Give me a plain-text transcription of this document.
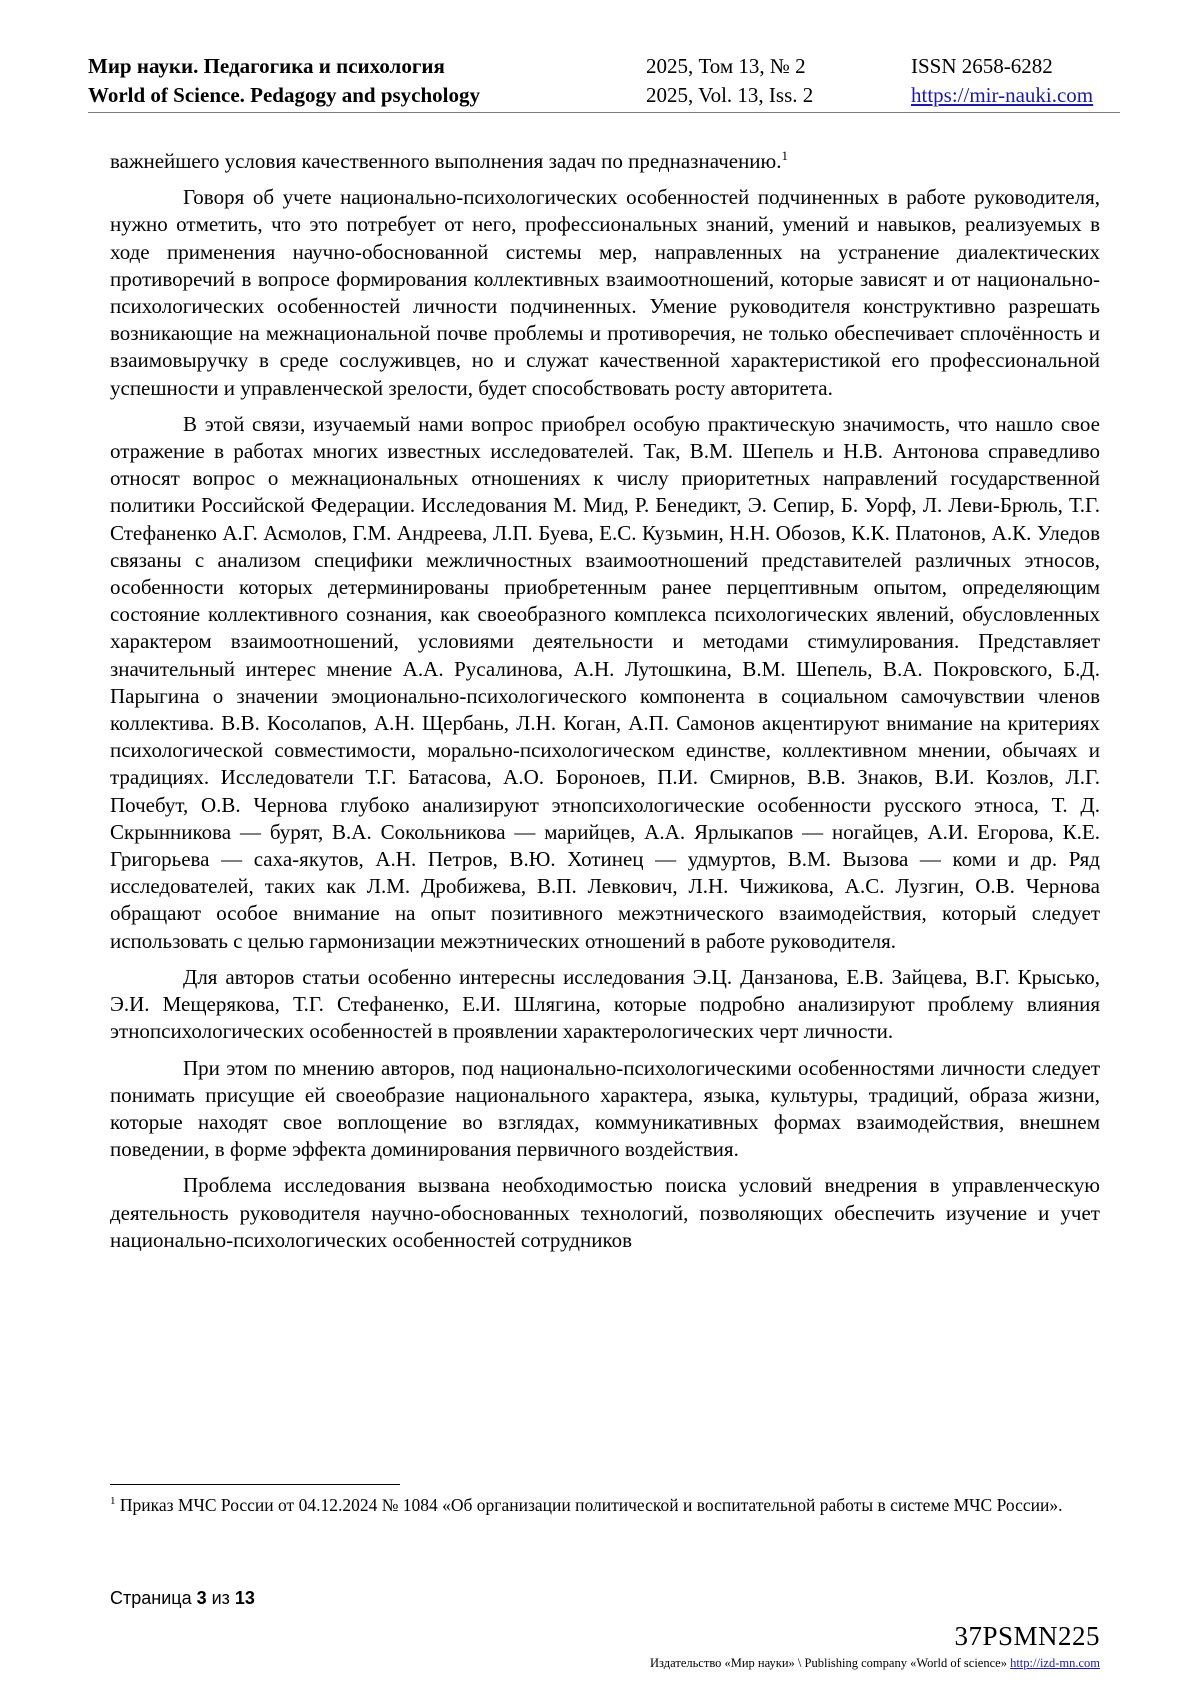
Мир науки. Педагогика и психология
World of Science. Pedagogy and psychology
2025, Том 13, № 2
2025, Vol. 13, Iss. 2
ISSN 2658-6282
https://mir-nauki.com

важнейшего условия качественного выполнения задач по предназначению.$^1$

Говоря об учете национально-психологических особенностей подчиненных в работе руководителя, нужно отметить, что это потребует от него, профессиональных знаний, умений и навыков, реализуемых в ходе применения научно-обоснованной системы мер, направленных на устранение диалектических противоречий в вопросе формирования коллективных взаимоотношений, которые зависят и от национально-психологических особенностей личности подчиненных. Умение руководителя конструктивно разрешать возникающие на межнациональной почве проблемы и противоречия, не только обеспечивает сплочённость и взаимовыручку в среде сослуживцев, но и служат качественной характеристикой его профессиональной успешности и управленческой зрелости, будет способствовать росту авторитета.

В этой связи, изучаемый нами вопрос приобрел особую практическую значимость, что нашло свое отражение в работах многих известных исследователей. Так, В.М. Шепель и Н.В. Антонова справедливо относят вопрос о межнациональных отношениях к числу приоритетных направлений государственной политики Российской Федерации. Исследования М. Мид, Р. Бенедикт, Э. Сепир, Б. Уорф, Л. Леви-Брюль, Т.Г. Стефаненко А.Г. Асмолов, Г.М. Андреева, Л.П. Буева, Е.С. Кузьмин, Н.Н. Обозов, К.К. Платонов, А.К. Уледов связаны с анализом специфики межличностных взаимоотношений представителей различных этносов, особенности которых детерминированы приобретенным ранее перцептивным опытом, определяющим состояние коллективного сознания, как своеобразного комплекса психологических явлений, обусловленных характером взаимоотношений, условиями деятельности и методами стимулирования. Представляет значительный интерес мнение А.А. Русалинова, А.Н. Лутошкина, В.М. Шепель, В.А. Покровского, Б.Д. Парыгина о значении эмоционально-психологического компонента в социальном самочувствии членов коллектива. В.В. Косолапов, А.Н. Щербань, Л.Н. Коган, А.П. Самонов акцентируют внимание на критериях психологической совместимости, морально-психологическом единстве, коллективном мнении, обычаях и традициях. Исследователи Т.Г. Батасова, А.О. Бороноев, П.И. Смирнов, В.В. Знаков, В.И. Козлов, Л.Г. Почебут, О.В. Чернова глубоко анализируют этнопсихологические особенности русского этноса, Т. Д. Скрынникова — бурят, В.А. Сокольникова — марийцев, А.А. Ярлыкапов — ногайцев, А.И. Егорова, К.Е. Григорьева — саха-якутов, А.Н. Петров, В.Ю. Хотинец — удмуртов, В.М. Вызова — коми и др. Ряд исследователей, таких как Л.М. Дробижева, В.П. Левкович, Л.Н. Чижикова, А.С. Лузгин, О.В. Чернова обращают особое внимание на опыт позитивного межэтнического взаимодействия, который следует использовать с целью гармонизации межэтнических отношений в работе руководителя.

Для авторов статьи особенно интересны исследования Э.Ц. Данзанова, Е.В. Зайцева, В.Г. Крысько, Э.И. Мещерякова, Т.Г. Стефаненко, Е.И. Шлягина, которые подробно анализируют проблему влияния этнопсихологических особенностей в проявлении характерологических черт личности.

При этом по мнению авторов, под национально-психологическими особенностями личности следует понимать присущие ей своеобразие национального характера, языка, культуры, традиций, образа жизни, которые находят свое воплощение во взглядах, коммуникативных формах взаимодействия, внешнем поведении, в форме эффекта доминирования первичного воздействия.

Проблема исследования вызвана необходимостью поиска условий внедрения в управленческую деятельность руководителя научно-обоснованных технологий, позволяющих обеспечить изучение и учет национально-психологических особенностей сотрудников

$^1$ Приказ МЧС России от 04.12.2024 № 1084 «Об организации политической и воспитательной работы в системе МЧС России».
Страница 3 из 13
37PSMN225
Издательство «Мир науки» \ Publishing company «World of science» http://izd-mn.com
